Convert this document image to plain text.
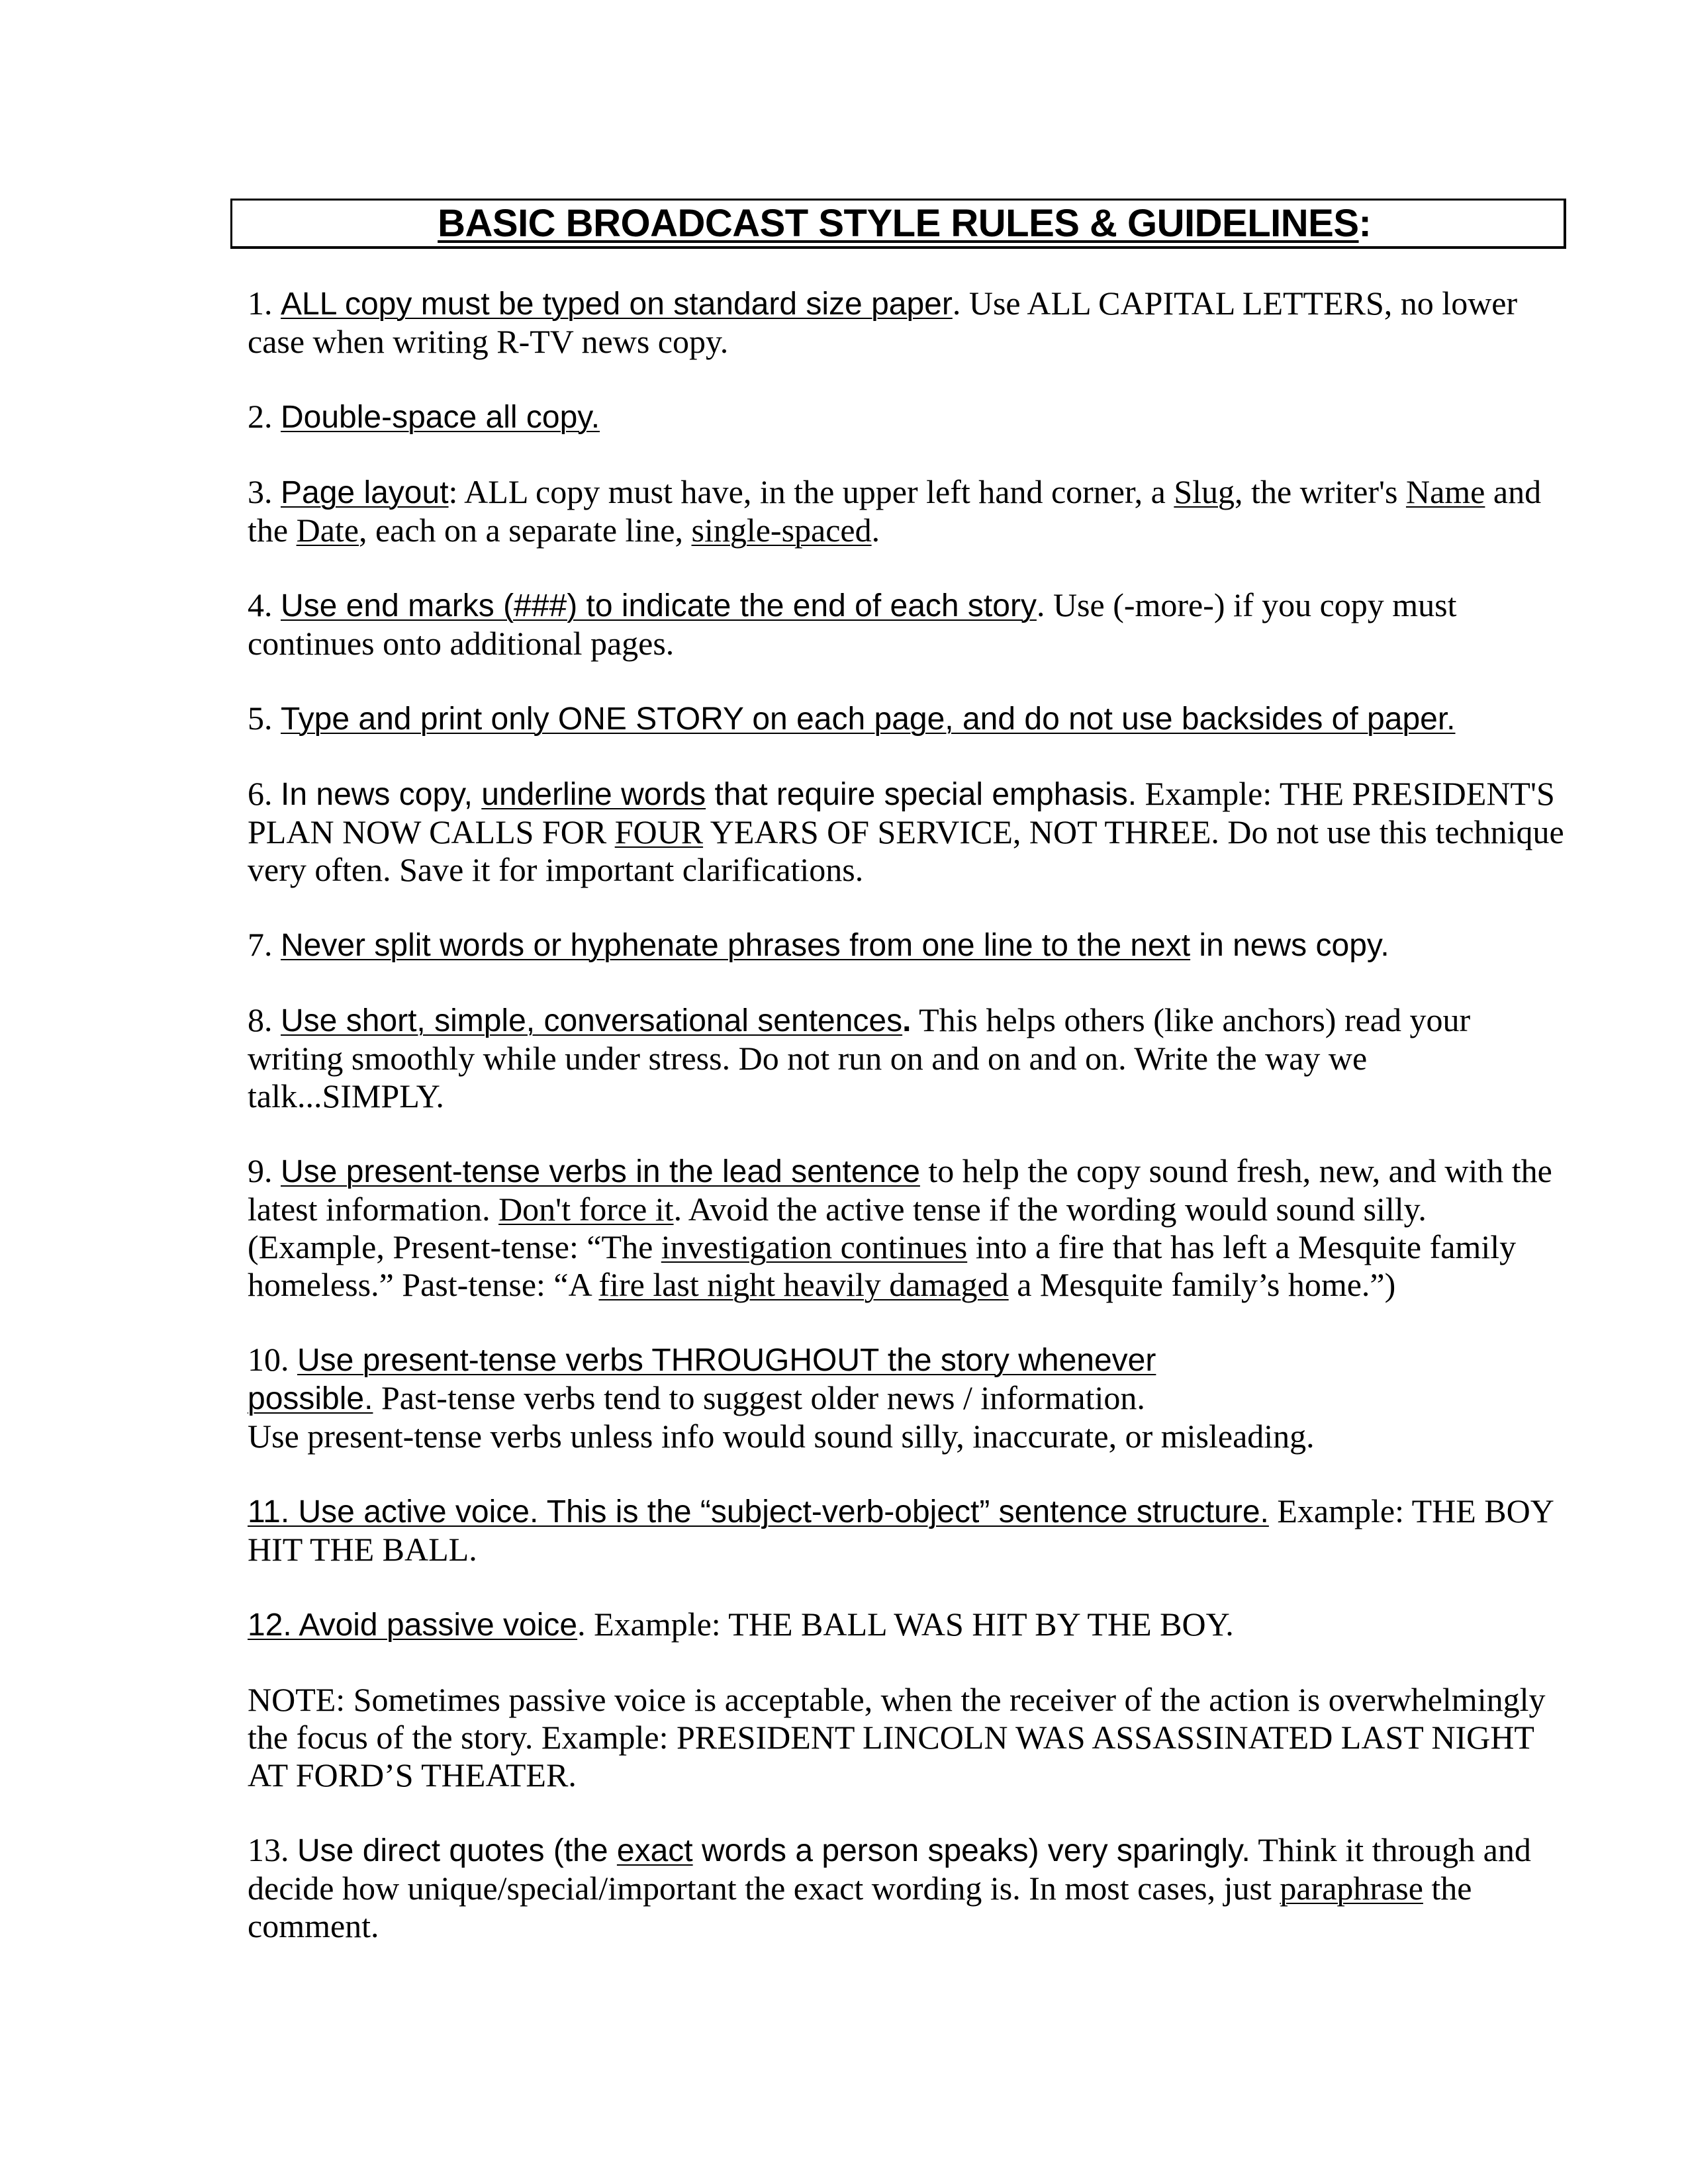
BASIC BROADCAST STYLE RULES & GUIDELINES :

1. ALL copy must be typed on standard size paper. Use ALL CAPITAL LETTERS, no lower case when writing R-TV news copy.

2. Double-space all copy.

3. Page layout: ALL copy must have, in the upper left hand corner, a Slug, the writer's Name and the Date, each on a separate line, single-spaced.

4. Use end marks (###) to indicate the end of each story. Use (-more-) if you copy must continues onto additional pages.

5. Type and print only ONE STORY on each page, and do not use backsides of paper.

6. In news copy, underline words that require special emphasis. Example: THE PRESIDENT'S PLAN NOW CALLS FOR FOUR YEARS OF SERVICE, NOT THREE. Do not use this technique very often. Save it for important clarifications.

7. Never split words or hyphenate phrases from one line to the next in news copy.

8. Use short, simple, conversational sentences. This helps others (like anchors) read your writing smoothly while under stress. Do not run on and on and on. Write the way we talk...SIMPLY.

9. Use present-tense verbs in the lead sentence to help the copy sound fresh, new, and with the latest information. Don't force it. Avoid the active tense if the wording would sound silly. (Example, Present-tense: “The investigation continues into a fire that has left a Mesquite family homeless.” Past-tense: “A fire last night heavily damaged a Mesquite family’s home.”)

10. Use present-tense verbs THROUGHOUT the story whenever

possible. Past-tense verbs tend to suggest older news / information.

Use present-tense verbs unless info would sound silly, inaccurate, or misleading.

11. Use active voice. This is the “subject-verb-object” sentence structure. Example: THE BOY HIT THE BALL.

12. Avoid passive voice. Example: THE BALL WAS HIT BY THE BOY.

NOTE: Sometimes passive voice is acceptable, when the receiver of the action is overwhelmingly the focus of the story. Example: PRESIDENT LINCOLN WAS ASSASSINATED LAST NIGHT AT FORD’S THEATER.

13. Use direct quotes (the exact words a person speaks) very sparingly. Think it through and decide how unique/special/important the exact wording is. In most cases, just paraphrase the comment.
